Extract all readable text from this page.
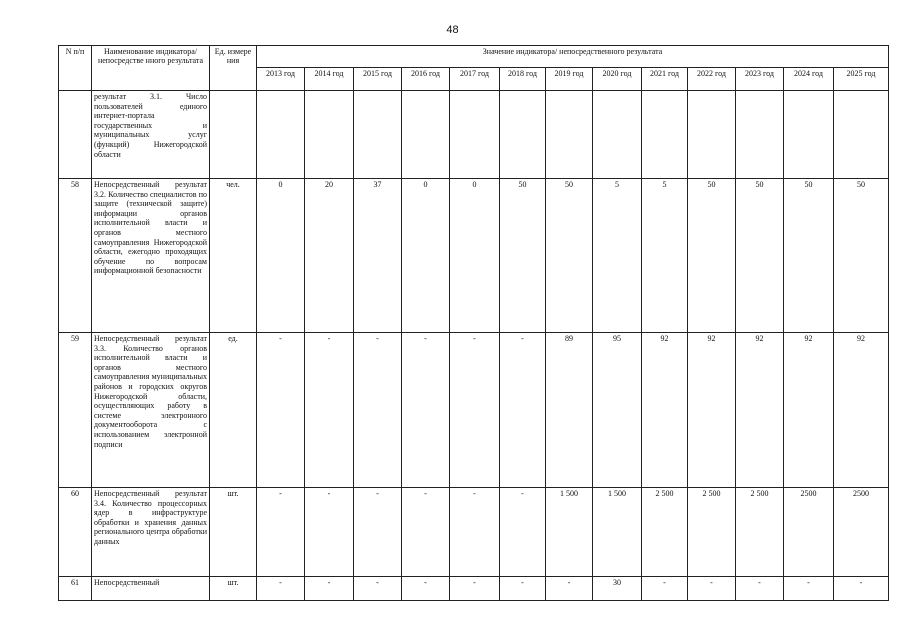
48
N п/п	Наименование индикатора/непосредстве нного результата	Ед. измере ния	Значение индикатора/ непосредственного результата												
			2013 год	2014 год	2015 год	2016 год	2017 год	2018 год	2019 год	2020 год	2021 год	2022 год	2023 год	2024 год	2025 год
	результат 3.1. Число пользователей единого интернет-портала государственных и муниципальных услуг (функций) Нижегородской области														
58	Непосредственный результат 3.2. Количество специалистов по защите (технической защите) информации органов исполнительной власти и органов местного самоуправления Нижегородской области, ежегодно проходящих обучение по вопросам информационной безопасности	чел.	0	20	37	0	0	50	50	5	5	50	50	50	50
59	Непосредственный результат 3.3. Количество органов исполнительной власти и органов местного самоуправления муниципальных районов и городских округов Нижегородской области, осуществляющих работу в системе электронного документооборота с использованием электронной подписи	ед.	-	-	-	-	-	-	89	95	92	92	92	92	92
60	Непосредственный результат 3.4. Количество процессорных ядер в инфраструктуре обработки и хранения данных регионального центра обработки данных	шт.	-	-	-	-	-	-	1 500	1 500	2 500	2 500	2 500	2500	2500
61	Непосредственный	шт.	-	-	-	-	-	-	-	30	-	-	-	-	-
